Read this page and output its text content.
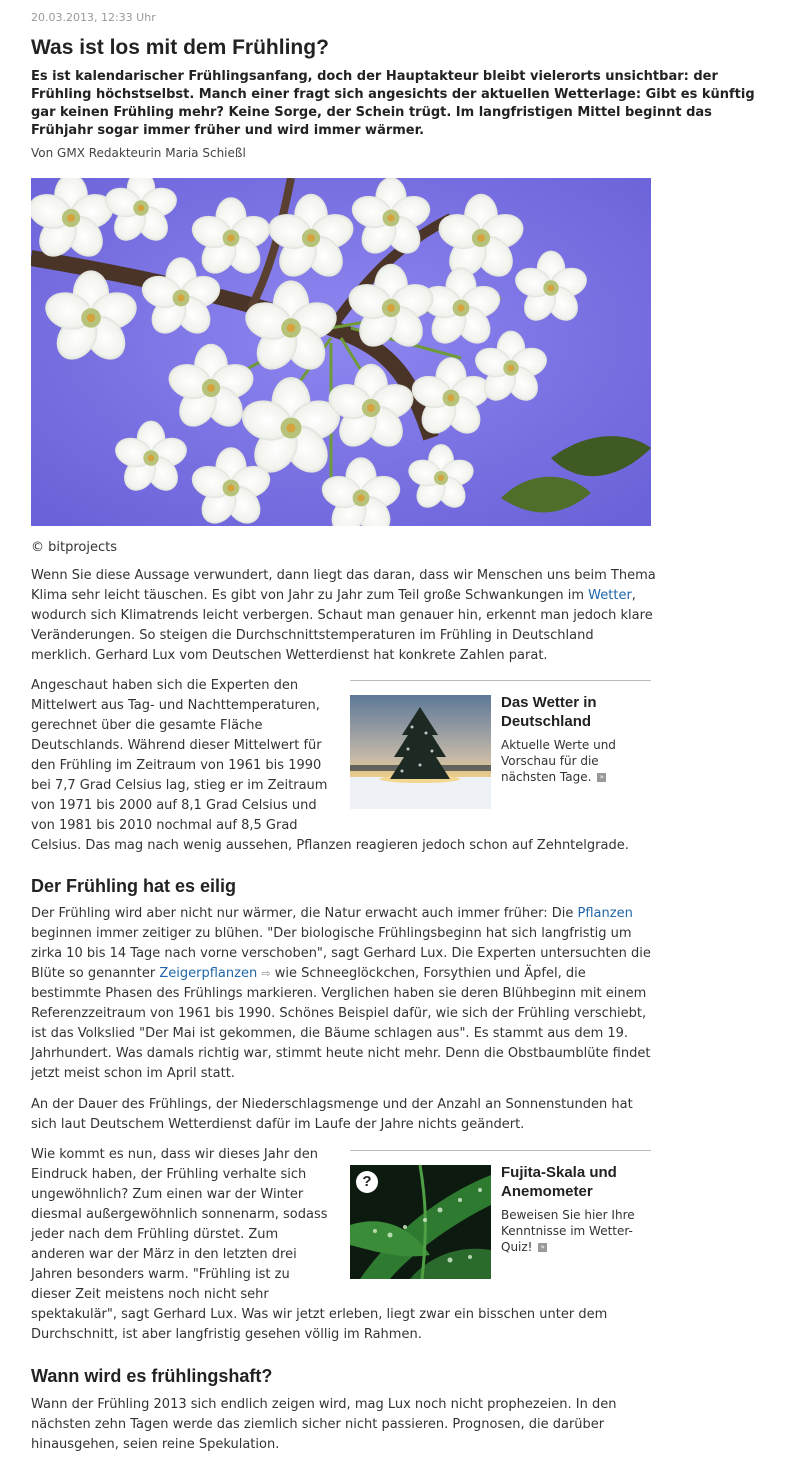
20.03.2013, 12:33 Uhr
Was ist los mit dem Frühling?

Es ist kalendarischer Frühlingsanfang, doch der Hauptakteur bleibt vielerorts unsichtbar: der Frühling höchstselbst. Manch einer fragt sich angesichts der aktuellen Wetterlage: Gibt es künftig gar keinen Frühling mehr? Keine Sorge, der Schein trügt. Im langfristigen Mittel beginnt das Frühjahr sogar immer früher und wird immer wärmer.

Von GMX Redakteurin Maria Schießl
© bitprojects

Wenn Sie diese Aussage verwundert, dann liegt das daran, dass wir Menschen uns beim Thema Klima sehr leicht täuschen. Es gibt von Jahr zu Jahr zum Teil große Schwankungen im Wetter, wodurch sich Klimatrends leicht verbergen. Schaut man genauer hin, erkennt man jedoch klare Veränderungen. So steigen die Durchschnittstemperaturen im Frühling in Deutschland merklich. Gerhard Lux vom Deutschen Wetterdienst hat konkrete Zahlen parat.

Angeschaut haben sich die Experten den

Mittelwert aus Tag- und Nachttemperaturen,

gerechnet über die gesamte Fläche

Deutschlands. Während dieser Mittelwert für

den Frühling im Zeitraum von 1961 bis 1990

bei 7,7 Grad Celsius lag, stieg er im Zeitraum

von 1971 bis 2000 auf 8,1 Grad Celsius und

von 1981 bis 2010 nochmal auf 8,5 Grad

Celsius. Das mag nach wenig aussehen, Pflanzen reagieren jedoch schon auf Zehntelgrade.

Das Wetter in Deutschland
Aktuelle Werte und Vorschau für die nächsten Tage. »
Der Frühling hat es eilig

Der Frühling wird aber nicht nur wärmer, die Natur erwacht auch immer früher: Die Pflanzen beginnen immer zeitiger zu blühen. "Der biologische Frühlingsbeginn hat sich langfristig um zirka 10 bis 14 Tage nach vorne verschoben", sagt Gerhard Lux. Die Experten untersuchten die Blüte so genannter Zeigerpflanzen ⇨ wie Schneeglöckchen, Forsythien und Äpfel, die bestimmte Phasen des Frühlings markieren. Verglichen haben sie deren Blühbeginn mit einem Referenzzeitraum von 1961 bis 1990. Schönes Beispiel dafür, wie sich der Frühling verschiebt, ist das Volkslied "Der Mai ist gekommen, die Bäume schlagen aus". Es stammt aus dem 19. Jahrhundert. Was damals richtig war, stimmt heute nicht mehr. Denn die Obstbaumblüte findet jetzt meist schon im April statt.

An der Dauer des Frühlings, der Niederschlagsmenge und der Anzahl an Sonnenstunden hat sich laut Deutschem Wetterdienst dafür im Laufe der Jahre nichts geändert.

Wie kommt es nun, dass wir dieses Jahr den

Eindruck haben, der Frühling verhalte sich

ungewöhnlich? Zum einen war der Winter

diesmal außergewöhnlich sonnenarm, sodass

jeder nach dem Frühling dürstet. Zum

anderen war der März in den letzten drei

Jahren besonders warm. "Frühling ist zu

dieser Zeit meistens noch nicht sehr

spektakulär", sagt Gerhard Lux. Was wir jetzt erleben, liegt zwar ein bisschen unter dem

Durchschnitt, ist aber langfristig gesehen völlig im Rahmen.

?
Fujita-Skala und Anemometer
Beweisen Sie hier Ihre Kenntnisse im Wetter-Quiz! »
Wann wird es frühlingshaft?

Wann der Frühling 2013 sich endlich zeigen wird, mag Lux noch nicht prophezeien. In den nächsten zehn Tagen werde das ziemlich sicher nicht passieren. Prognosen, die darüber hinausgehen, seien reine Spekulation.
